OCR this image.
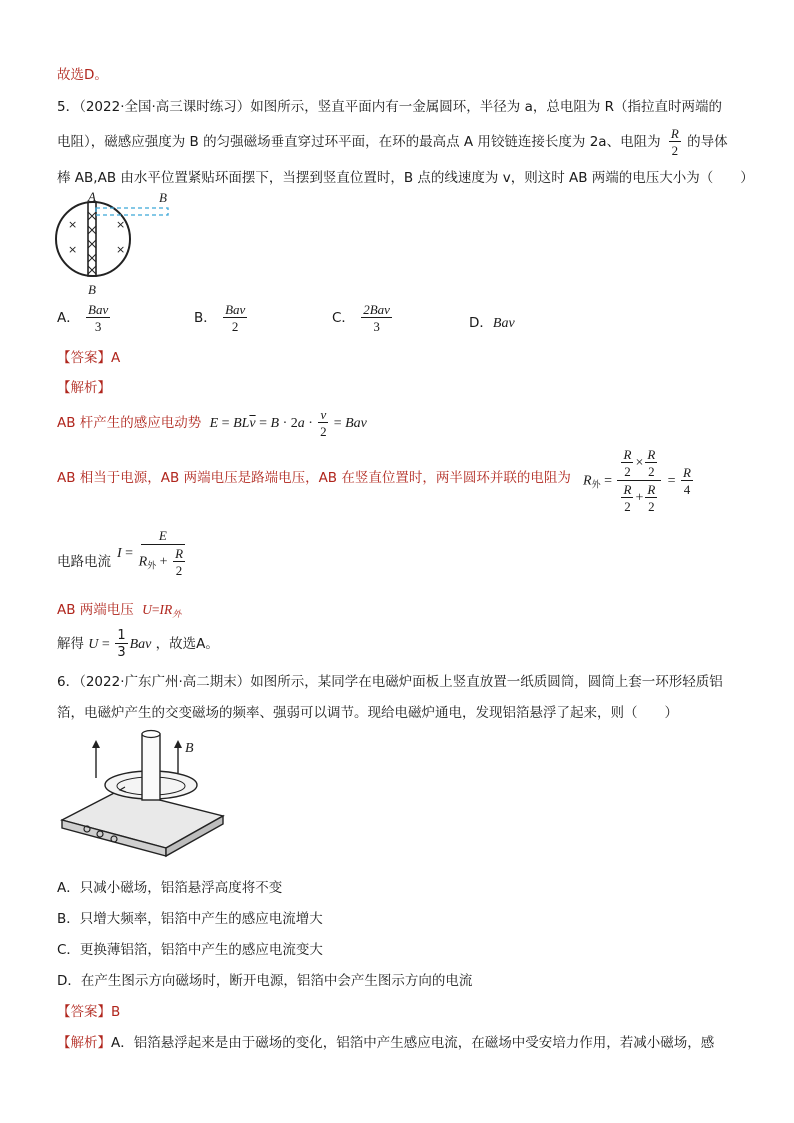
故选D。
5．（2022·全国·高三课时练习）如图所示，竖直平面内有一金属圆环，半径为 a，总电阻为 R（指拉直时两端的
电阻），磁感应强度为 B 的匀强磁场垂直穿过环平面，在环的最高点 A 用铰链连接长度为 2a、电阻为 $\frac{R}{2}$ 的导体
棒 AB,AB 由水平位置紧贴环面摆下，当摆到竖直位置时，B 点的线速度为 v，则这时 AB 两端的电压大小为（　　）
×
×
×
×
A	B
B
A． $\frac{\text{Bav}}{3}$	B． $\frac{\text{Bav}}{2}$	C． $\frac{\text{2Bav}}{3}$	D．Bav
【答案】A
【解析】
AB 杆产生的感应电动势 $E = BL\overline{v} = B \cdot 2a \cdot \frac{v}{2}$ = Bav
AB 相当于电源，AB 两端电压是路端电压，AB 在竖直位置时，两半圆环并联的电阻为 $R_外 = \frac{\frac{R}{2} \times \frac{R}{2}}{\frac{R}{2} + \frac{R}{2}} = \frac{R}{4}$
电路电流
$I = \frac{E}{R_外 + \frac{R}{2}}$
AB 两端电压 $U=IR_外$
解得 $U = \frac{1}{3}$ Bav ，故选A。
6．（2022·广东广州·高二期末）如图所示，某同学在电磁炉面板上竖直放置一纸质圆筒，圆筒上套一环形轻质铝
箔，电磁炉产生的交变磁场的频率、强弱可以调节。现给电磁炉通电，发现铝箔悬浮了起来，则（　　）
B
A．只减小磁场，铝箔悬浮高度将不变
B．只增大频率，铝箔中产生的感应电流增大
C．更换薄铝箔，铝箔中产生的感应电流变大
D．在产生图示方向磁场时，断开电源，铝箔中会产生图示方向的电流
【答案】B
【解析】A．铝箔悬浮起来是由于磁场的变化，铝箔中产生感应电流，在磁场中受安培力作用，若减小磁场，感
